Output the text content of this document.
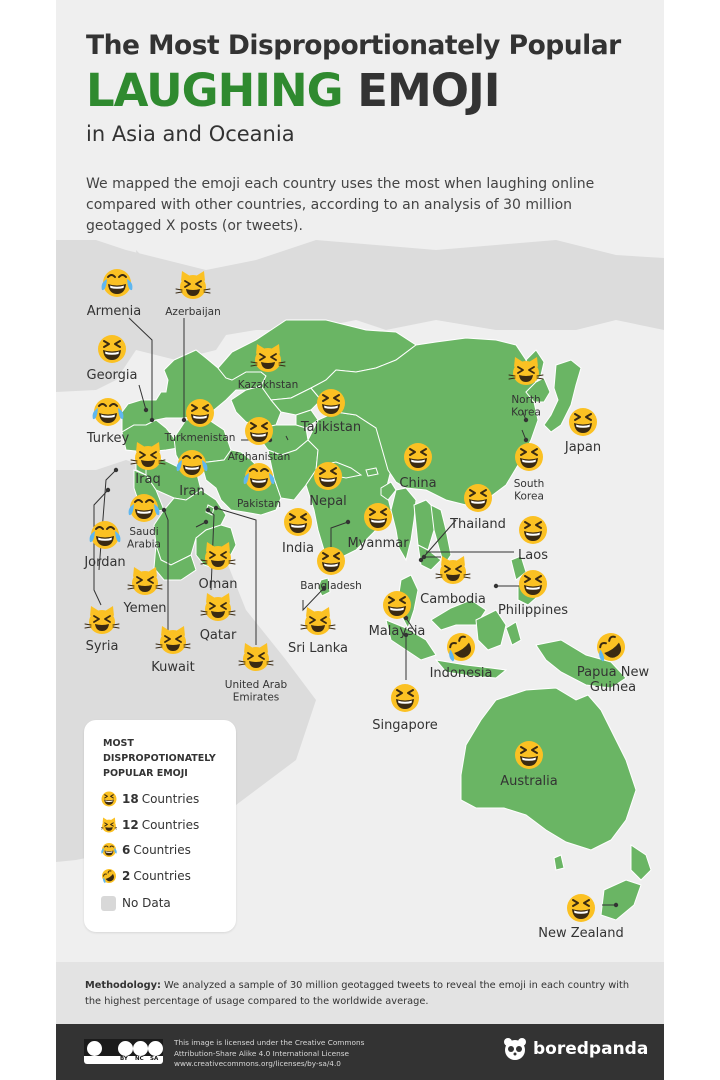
The Most Disproportionately Popular
LAUGHING EMOJI
in Asia and Oceania
We mapped the emoji each country uses the most when laughing online compared with other countries, according to an analysis of 30 million geotagged X posts (or tweets).
Armenia Azerbaijan
Georgia
Kazakhstan
Turkey	Turkmenistan
Tajikistan
Afghanistan
North Korea
Japan
South Korea
Iraq
Iran
Pakistan Nepal
China
Thailand
Saudi Arabia	India	Myanmar
Laos
Jordan
Oman	Bangladesh
Cambodia
Yemen	Philippines
Qatar
Syria
Malaysia
Sri Lanka
Kuwait	Indonesia	Papua New Guinea
United Arab Emirates
Singapore
Australia
New Zealand
MOST DISPROPOTIONATELY POPULAR EMOJI
18 Countries
12 Countries
6 Countries
2 Countries
No Data

Methodology: We analyzed a sample of 30 million geotagged tweets to reveal the emoji in each country with the highest percentage of usage compared to the worldwide average.

BY NC SA
This image is licensed under the Creative Commons
Attribution-Share Alike 4.0 International License
www.creativecommons.org/licenses/by-sa/4.0
boredpanda
